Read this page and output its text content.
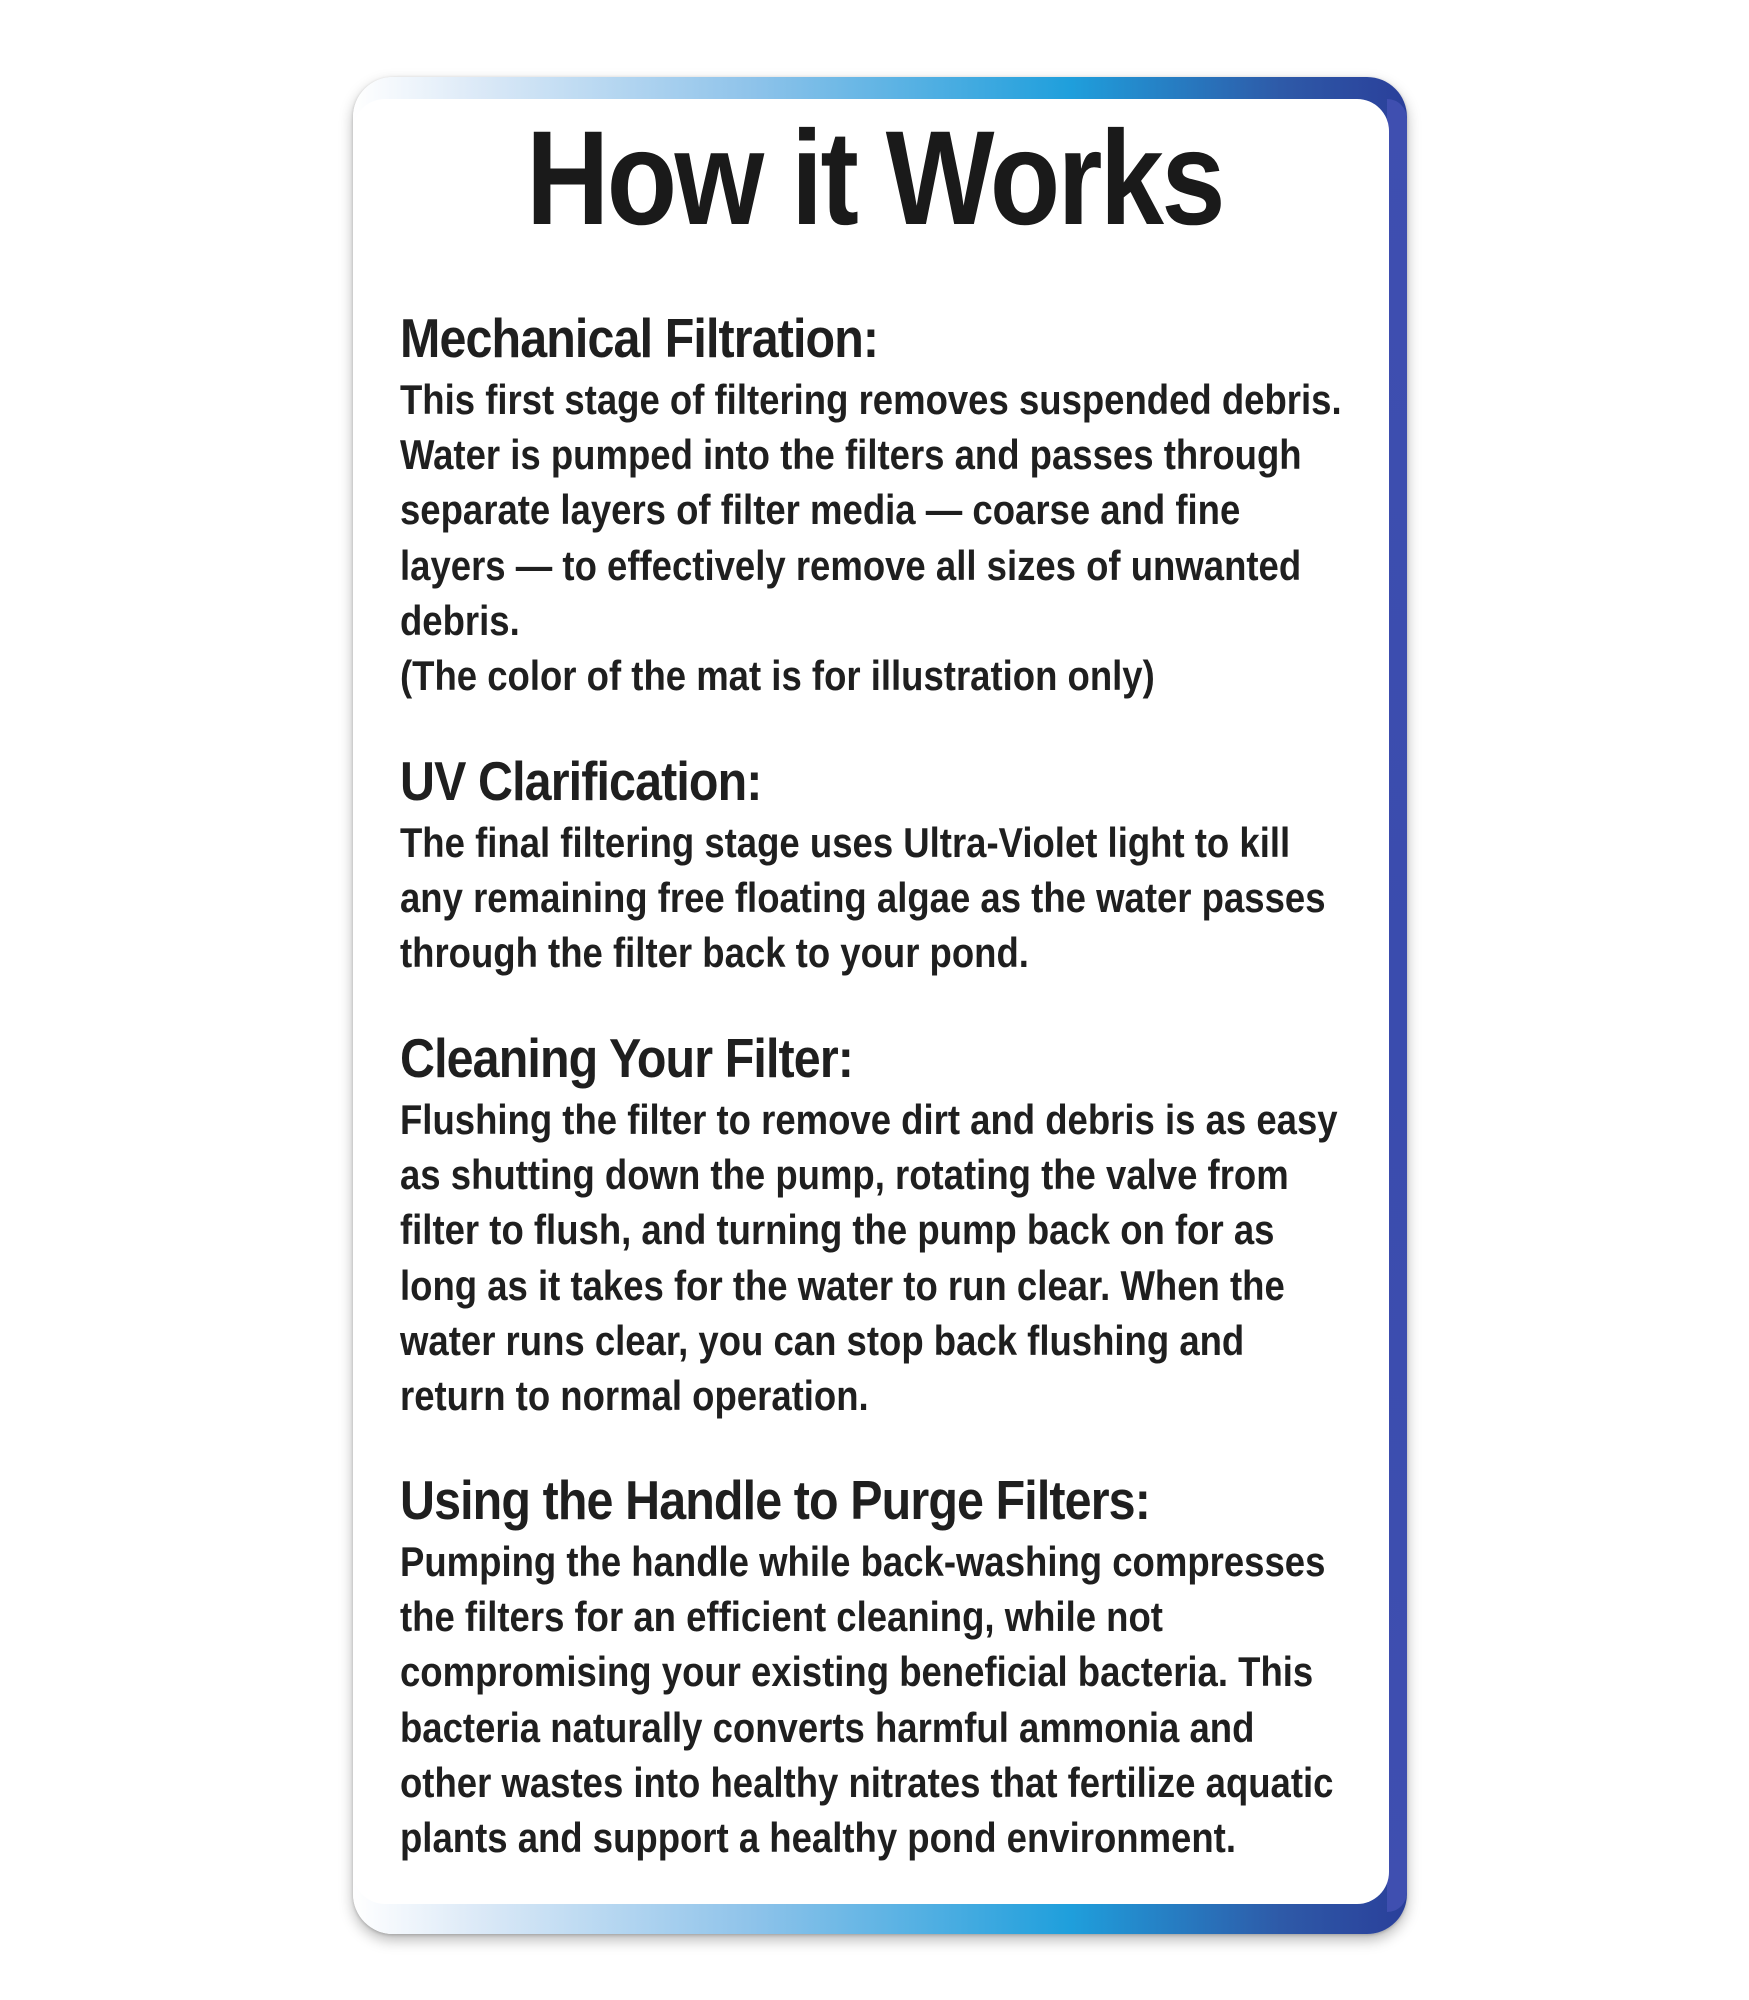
How it Works
Mechanical Filtration:
This first stage of filtering removes suspended debris.
Water is pumped into the filters and passes through
separate layers of filter media — coarse and fine
layers — to effectively remove all sizes of unwanted
debris.
(The color of the mat is for illustration only)
UV Clarification:
The final filtering stage uses Ultra-Violet light to kill
any remaining free floating algae as the water passes
through the filter back to your pond.
Cleaning Your Filter:
Flushing the filter to remove dirt and debris is as easy
as shutting down the pump, rotating the valve from
filter to flush, and turning the pump back on for as
long as it takes for the water to run clear. When the
water runs clear, you can stop back flushing and
return to normal operation.
Using the Handle to Purge Filters:
Pumping the handle while back-washing compresses
the filters for an efficient cleaning, while not
compromising your existing beneficial bacteria. This
bacteria naturally converts harmful ammonia and
other wastes into healthy nitrates that fertilize aquatic
plants and support a healthy pond environment.
